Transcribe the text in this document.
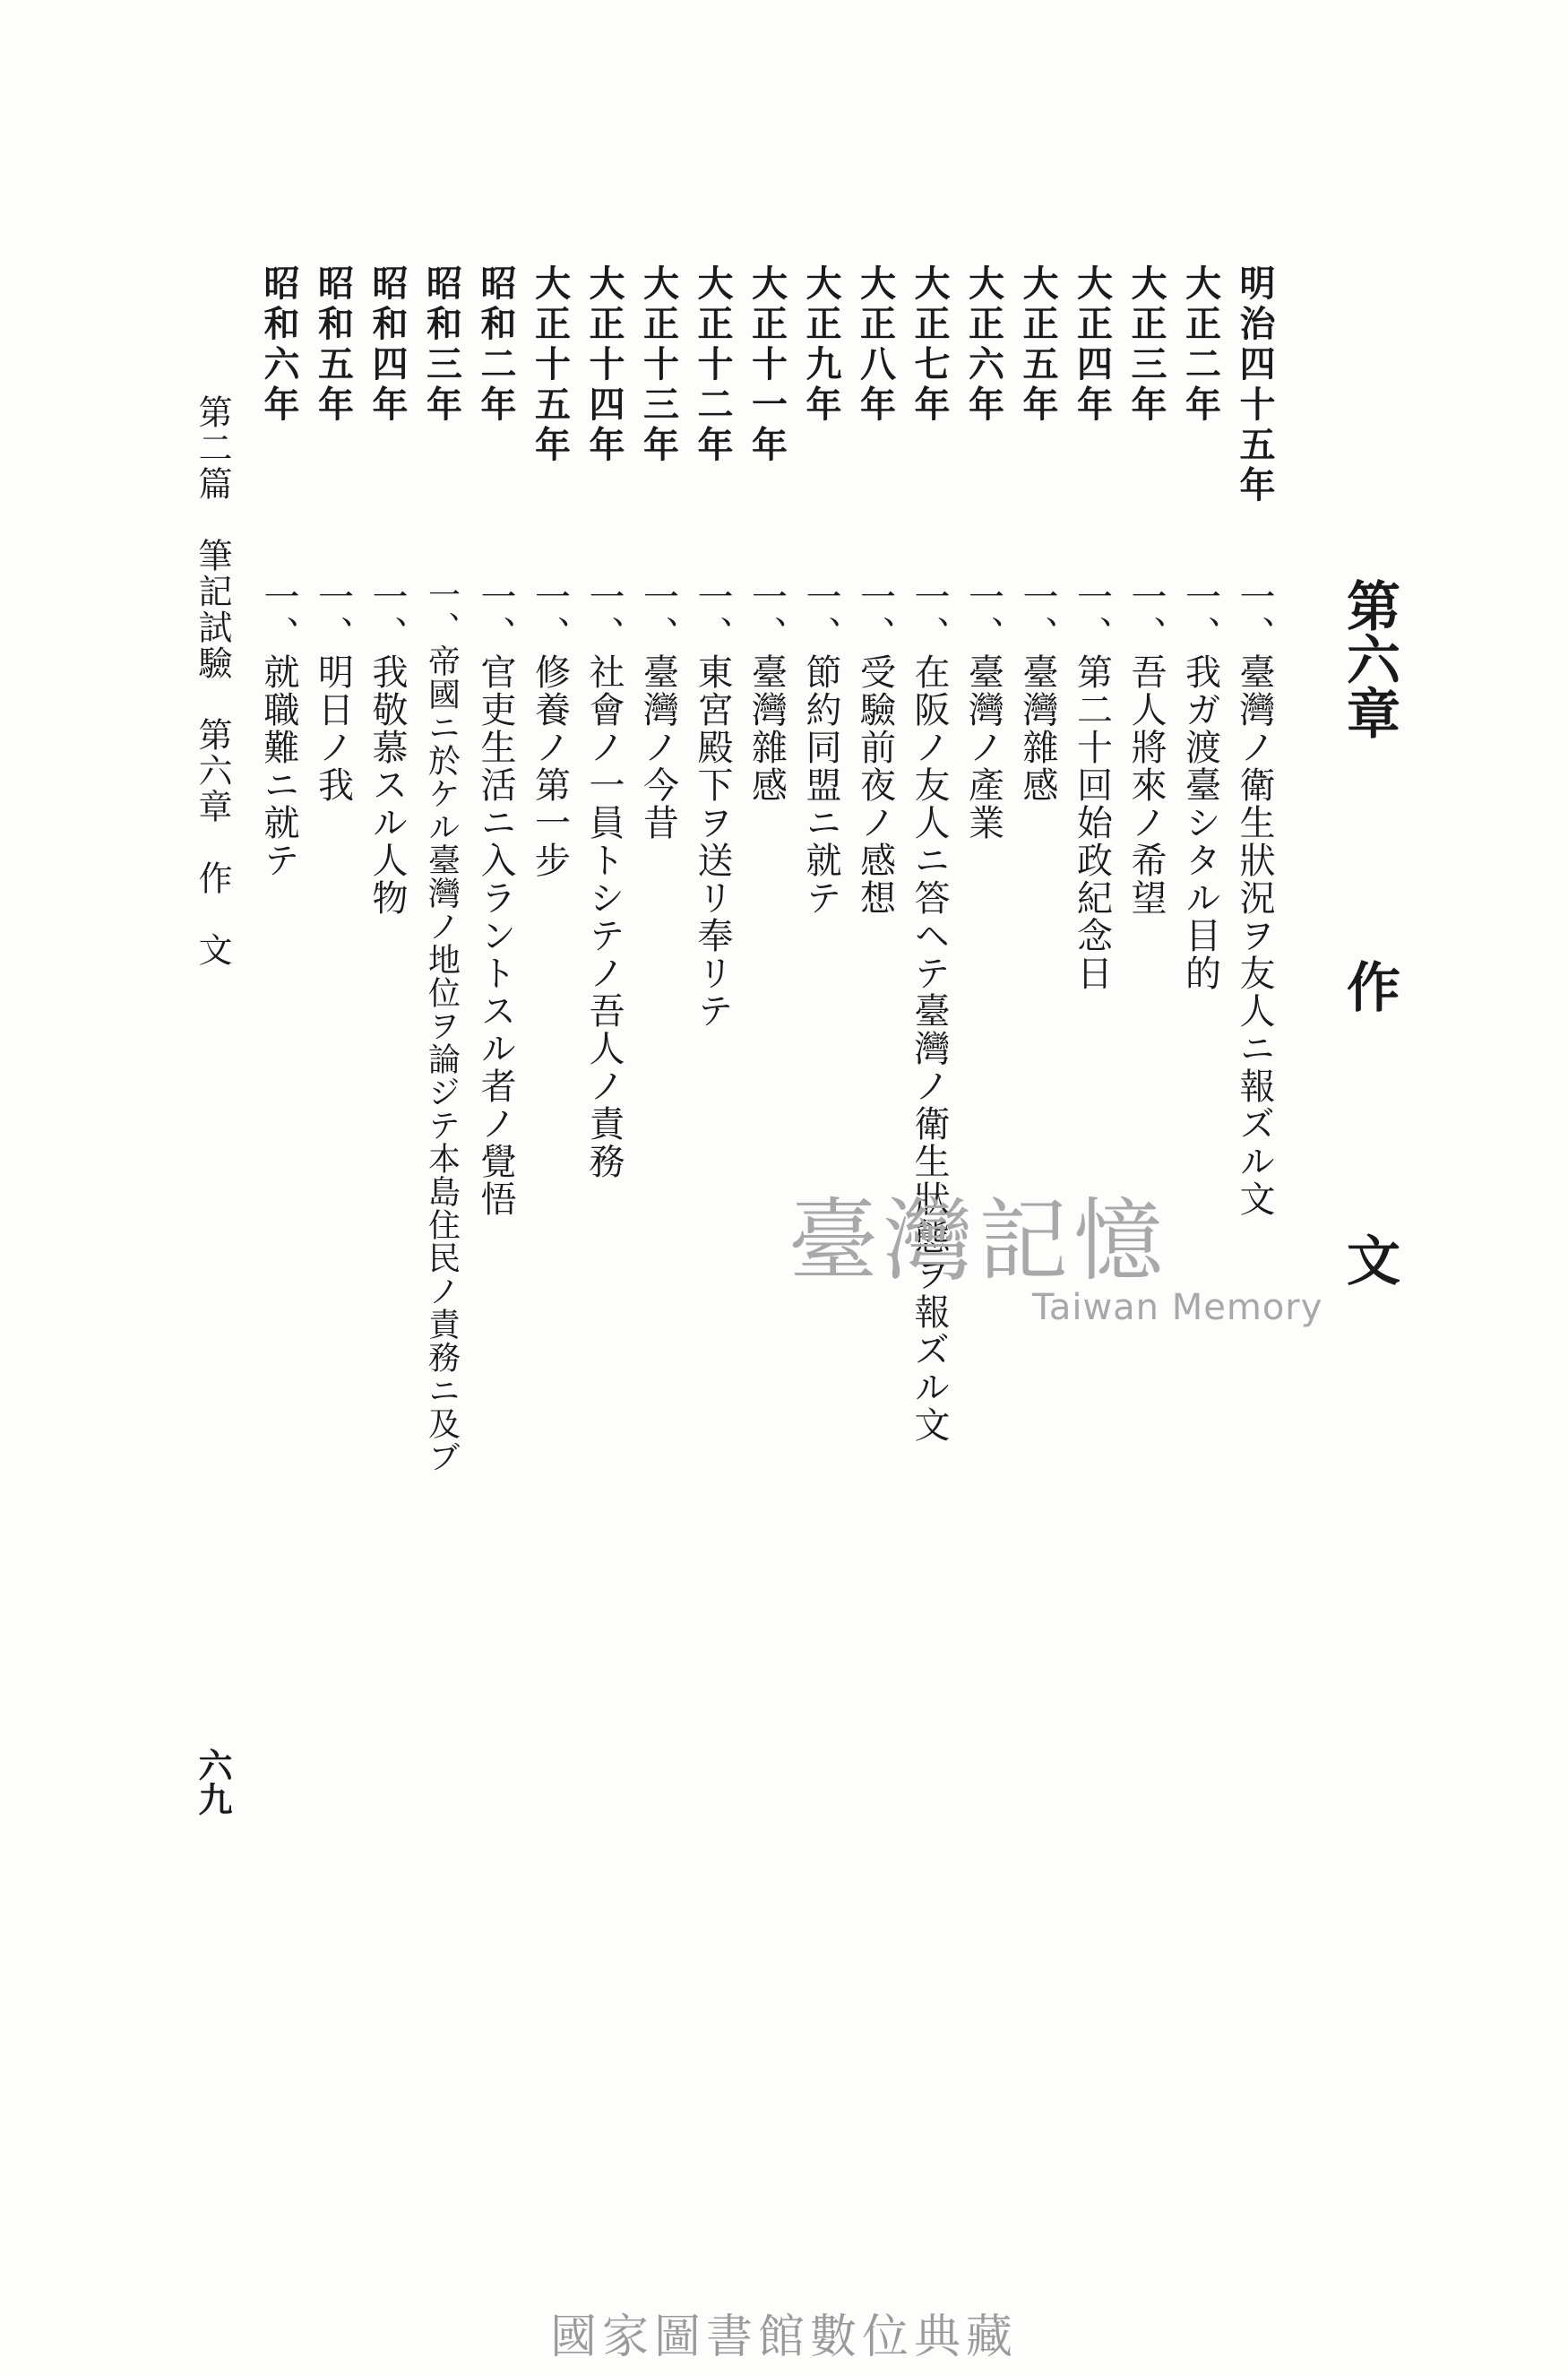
第六章作文
明治四十五年
一、臺灣ノ衛生狀況ヲ友人ニ報ズル文
大正二年
一、我ガ渡臺シタル目的
大正三年
一、吾人將來ノ希望
大正四年
一、第二十回始政紀念日
大正五年
一、臺灣雜感
大正六年
一、臺灣ノ產業
大正七年
一、在阪ノ友人ニ答ヘテ臺灣ノ衛生狀態ヲ報ズル文
大正八年
一、受驗前夜ノ感想
大正九年
一、節約同盟ニ就テ
大正十一年
一、臺灣雜感
大正十二年
一、東宮殿下ヲ送リ奉リテ
大正十三年
一、臺灣ノ今昔
大正十四年
一、社會ノ一員トシテノ吾人ノ責務
大正十五年
一、修養ノ第一步
昭和二年
一、官吏生活ニ入ラントスル者ノ覺悟
昭和三年
一、帝國ニ於ケル臺灣ノ地位ヲ論ジテ本島住民ノ責務ニ及ブ
昭和四年
一、我敬慕スル人物
昭和五年
一、明日ノ我
昭和六年
一、就職難ニ就テ
第二篇　筆記試驗　第六章　作　文
六九
臺灣記憶
Taiwan Memory
國家圖書館數位典藏
